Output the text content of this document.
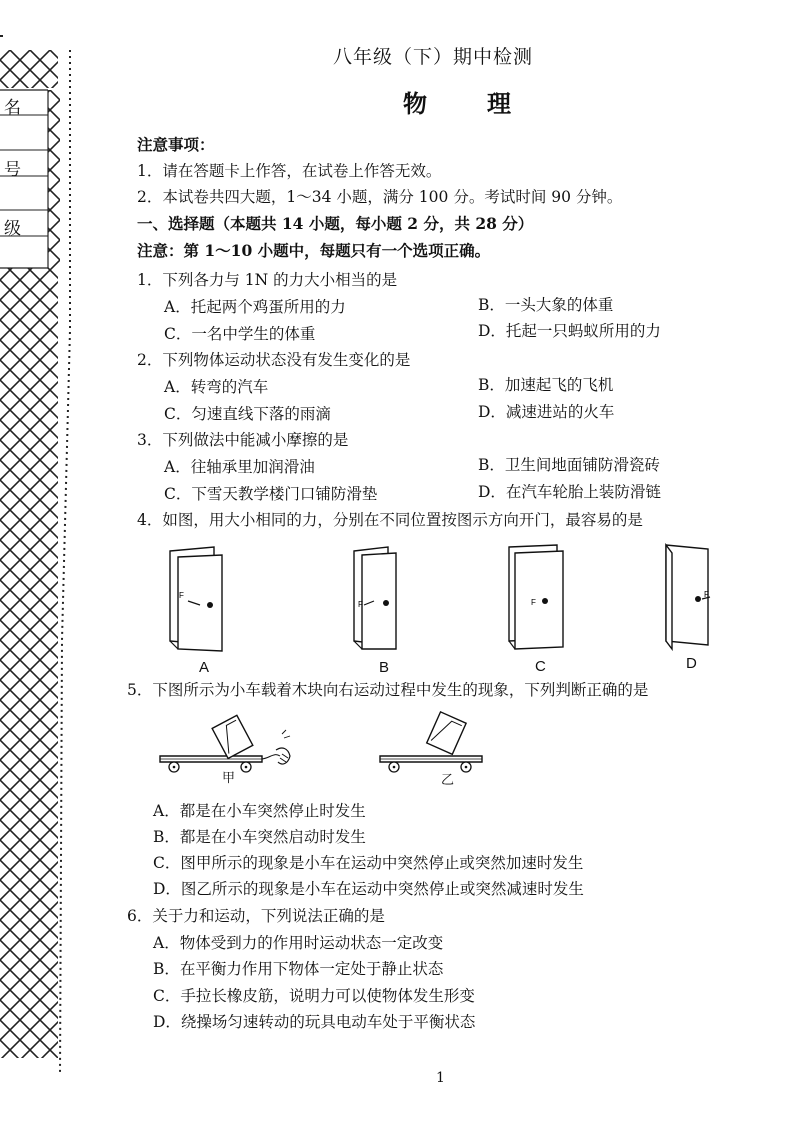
名
号
级
八年级（下）期中检测
物　理
注意事项：
1．请在答题卡上作答，在试卷上作答无效。
2．本试卷共四大题，1～34 小题，满分 100 分。考试时间 90 分钟。
一、选择题（本题共 14 小题，每小题 2 分，共 28 分）
注意：第 1～10 小题中，每题只有一个选项正确。
1．下列各力与 1N 的力大小相当的是
A．托起两个鸡蛋所用的力	B．一头大象的体重
C．一名中学生的体重	D．托起一只蚂蚁所用的力
2．下列物体运动状态没有发生变化的是
A．转弯的汽车	B．加速起飞的飞机
C．匀速直线下落的雨滴	D．减速进站的火车
3．下列做法中能减小摩擦的是
A．往轴承里加润滑油	B．卫生间地面铺防滑瓷砖
C．下雪天教学楼门口铺防滑垫	D．在汽车轮胎上装防滑链
4．如图，用大小相同的力，分别在不同位置按图示方向开门，最容易的是
F
F	F
F
A	B	C	D
5．下图所示为小车载着木块向右运动过程中发生的现象，下列判断正确的是
甲	乙
A．都是在小车突然停止时发生
B．都是在小车突然启动时发生
C．图甲所示的现象是小车在运动中突然停止或突然加速时发生
D．图乙所示的现象是小车在运动中突然停止或突然减速时发生
6．关于力和运动，下列说法正确的是
A．物体受到力的作用时运动状态一定改变
B．在平衡力作用下物体一定处于静止状态
C．手拉长橡皮筋，说明力可以使物体发生形变
D．绕操场匀速转动的玩具电动车处于平衡状态
1
